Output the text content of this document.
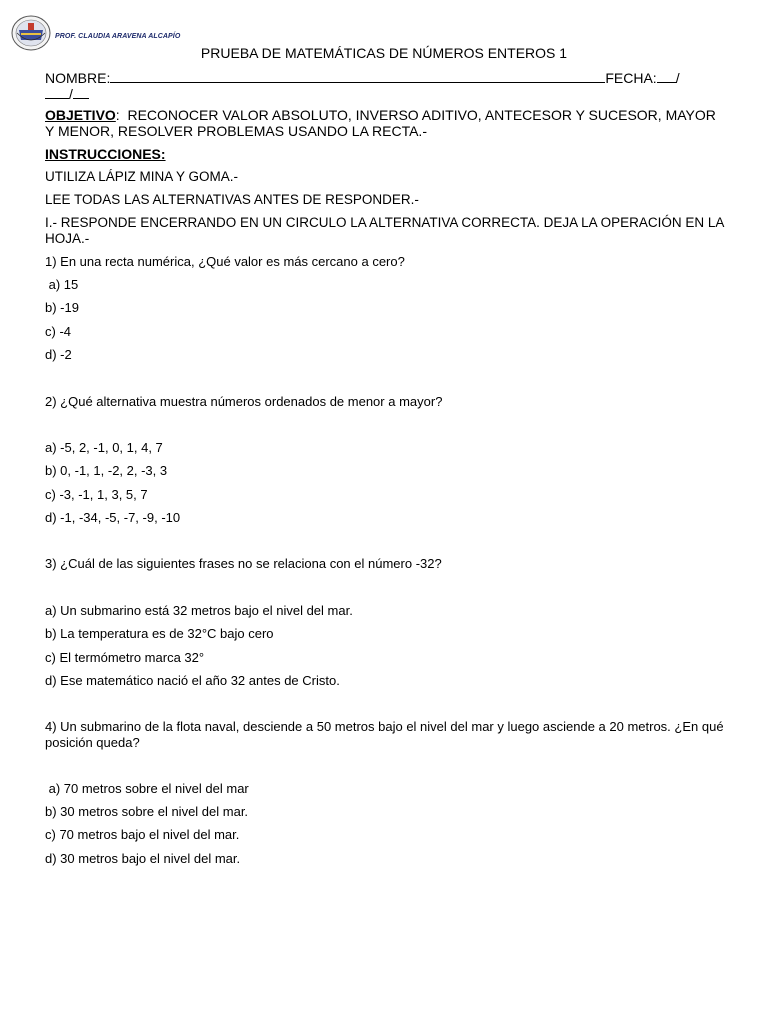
PROF. CLAUDIA ARAVENA ALCAPÍO
PRUEBA DE MATEMÁTICAS DE NÚMEROS ENTEROS 1
NOMBRE:	FECHA: /
/
OBJETIVO:  RECONOCER VALOR ABSOLUTO, INVERSO ADITIVO, ANTECESOR Y SUCESOR, MAYOR Y MENOR, RESOLVER PROBLEMAS USANDO LA RECTA.-
INSTRUCCIONES:
UTILIZA LÁPIZ MINA Y GOMA.-
LEE TODAS LAS ALTERNATIVAS ANTES DE RESPONDER.-
I.- RESPONDE ENCERRANDO EN UN CIRCULO LA ALTERNATIVA CORRECTA. DEJA LA OPERACIÓN EN LA HOJA.-
1) En una recta numérica, ¿Qué valor es más cercano a cero?
a) 15
b) -19
c) -4
d) -2
2) ¿Qué alternativa muestra números ordenados de menor a mayor?
a) -5, 2, -1, 0, 1, 4, 7
b) 0, -1, 1, -2, 2, -3, 3
c) -3, -1, 1, 3, 5, 7
d) -1, -34, -5, -7, -9, -10
3) ¿Cuál de las siguientes frases no se relaciona con el número -32?
a) Un submarino está 32 metros bajo el nivel del mar.
b) La temperatura es de 32°C bajo cero
c) El termómetro marca 32°
d) Ese matemático nació el año 32 antes de Cristo.
4) Un submarino de la flota naval, desciende a 50 metros bajo el nivel del mar y luego asciende a 20 metros. ¿En qué posición queda?
a) 70 metros sobre el nivel del mar
b) 30 metros sobre el nivel del mar.
c) 70 metros bajo el nivel del mar.
d) 30 metros bajo el nivel del mar.
